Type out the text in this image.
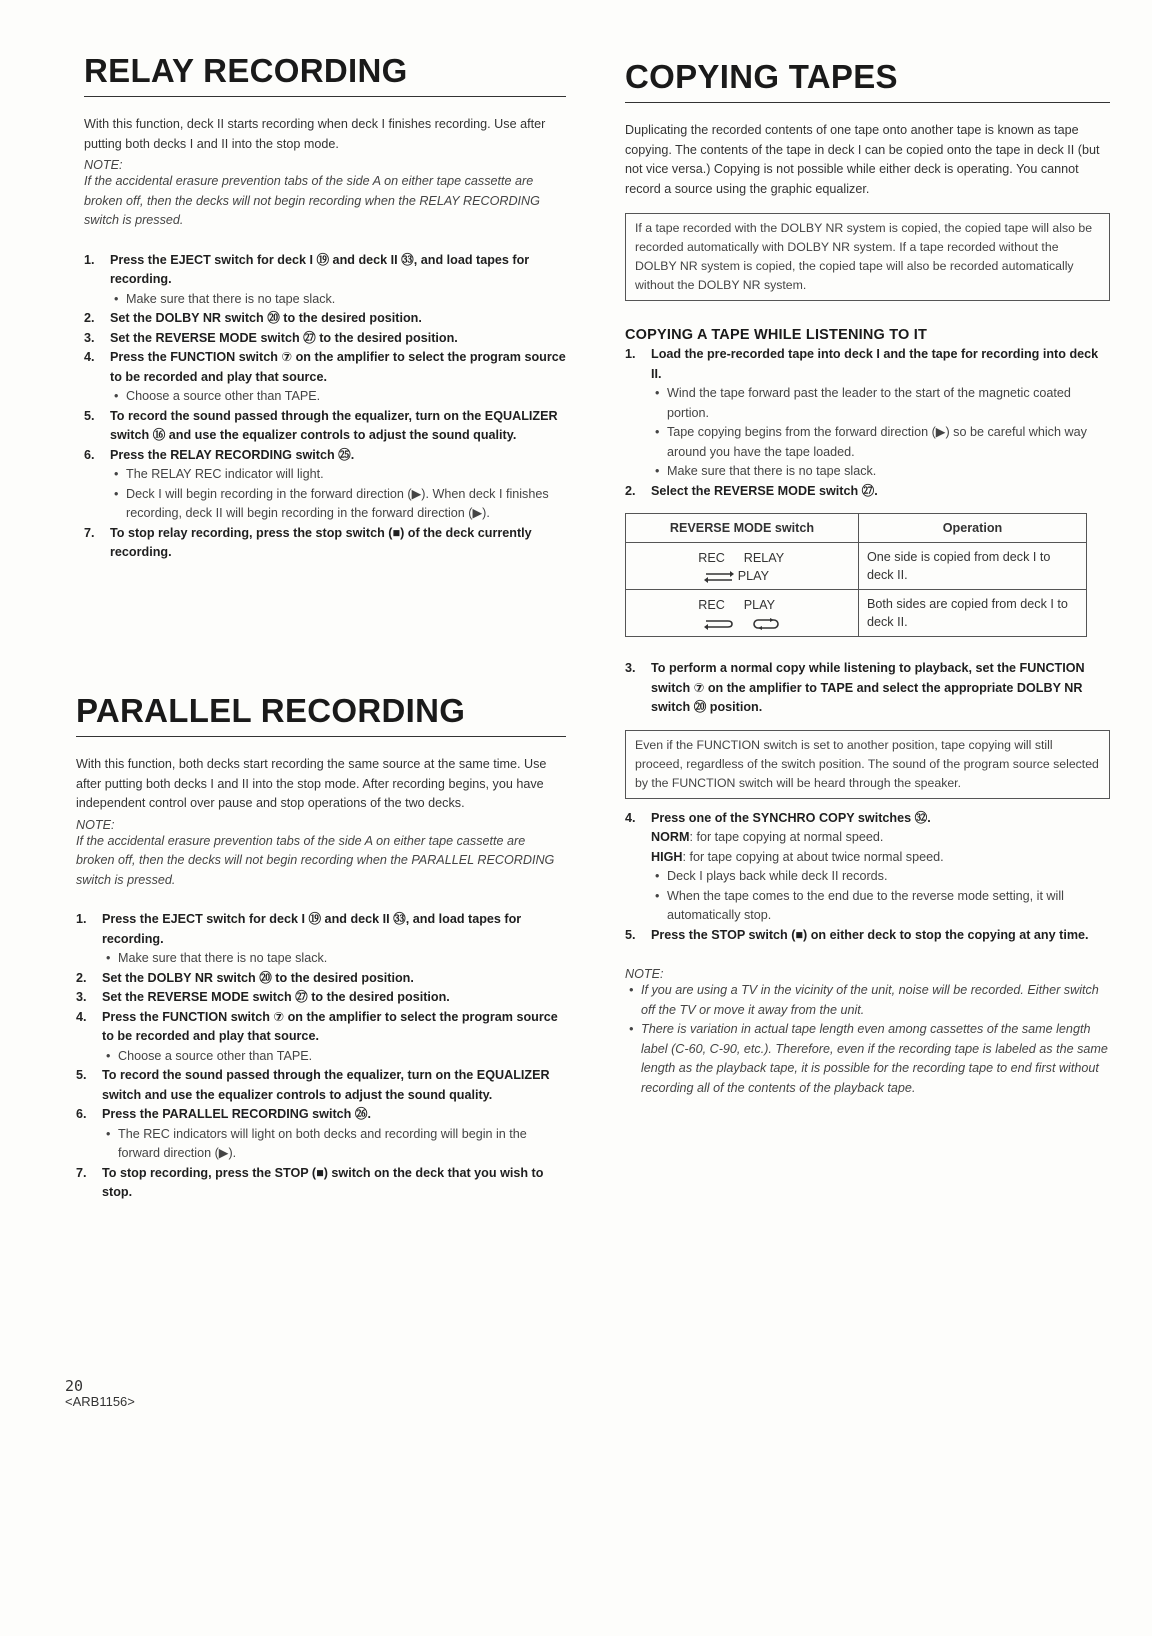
RELAY RECORDING

With this function, deck II starts recording when deck I finishes recording. Use after putting both decks I and II into the stop mode.

NOTE:

If the accidental erasure prevention tabs of the side A on either tape cassette are broken off, then the decks will not begin recording when the RELAY RECORDING switch is pressed.

1. Press the EJECT switch for deck I ⑲ and deck II ㉝, and load tapes for recording.
• Make sure that there is no tape slack.
2. Set the DOLBY NR switch ⑳ to the desired position.
3. Set the REVERSE MODE switch ㉗ to the desired position.
4. Press the FUNCTION switch ⑦ on the amplifier to select the program source to be recorded and play that source.
• Choose a source other than TAPE.
5. To record the sound passed through the equalizer, turn on the EQUALIZER switch ⑯ and use the equalizer controls to adjust the sound quality.
6. Press the RELAY RECORDING switch ㉕.
• The RELAY REC indicator will light.
• Deck I will begin recording in the forward direction (▶). When deck I finishes recording, deck II will begin recording in the forward direction (▶).
7. To stop relay recording, press the stop switch (■) of the deck currently recording.
PARALLEL RECORDING

With this function, both decks start recording the same source at the same time. Use after putting both decks I and II into the stop mode. After recording begins, you have independent control over pause and stop operations of the two decks.

NOTE:

If the accidental erasure prevention tabs of the side A on either tape cassette are broken off, then the decks will not begin recording when the PARALLEL RECORDING switch is pressed.

1. Press the EJECT switch for deck I ⑲ and deck II ㉝, and load tapes for recording.
• Make sure that there is no tape slack.
2. Set the DOLBY NR switch ⑳ to the desired position.
3. Set the REVERSE MODE switch ㉗ to the desired position.
4. Press the FUNCTION switch ⑦ on the amplifier to select the program source to be recorded and play that source.
• Choose a source other than TAPE.
5. To record the sound passed through the equalizer, turn on the EQUALIZER switch and use the equalizer controls to adjust the sound quality.
6. Press the PARALLEL RECORDING switch ㉖.
• The REC indicators will light on both decks and recording will begin in the forward direction (▶).
7. To stop recording, press the STOP (■) switch on the deck that you wish to stop.
COPYING TAPES

Duplicating the recorded contents of one tape onto another tape is known as tape copying. The contents of the tape in deck I can be copied onto the tape in deck II (but not vice versa.) Copying is not possible while either deck is operating. You cannot record a source using the graphic equalizer.

If a tape recorded with the DOLBY NR system is copied, the copied tape will also be recorded automatically with DOLBY NR system. If a tape recorded without the DOLBY NR system is copied, the copied tape will also be recorded automatically without the DOLBY NR system.
COPYING A TAPE WHILE LISTENING TO IT
1. Load the pre-recorded tape into deck I and the tape for recording into deck II.
• Wind the tape forward past the leader to the start of the magnetic coated portion.
• Tape copying begins from the forward direction (▶) so be careful which way around you have the tape loaded.
• Make sure that there is no tape slack.
2. Select the REVERSE MODE switch ㉗.
REVERSE MODE switch	Operation

REC RELAY
PLAY	One side is copied from deck I to deck II.

REC PLAY	Both sides are copied from deck I to deck II.
3. To perform a normal copy while listening to playback, set the FUNCTION switch ⑦ on the amplifier to TAPE and select the appropriate DOLBY NR switch ⑳ position.
Even if the FUNCTION switch is set to another position, tape copying will still proceed, regardless of the switch position. The sound of the program source selected by the FUNCTION switch will be heard through the speaker.
4. Press one of the SYNCHRO COPY switches ㉜.
NORM: for tape copying at normal speed.
HIGH: for tape copying at about twice normal speed.
• Deck I plays back while deck II records.
• When the tape comes to the end due to the reverse mode setting, it will automatically stop.
5. Press the STOP switch (■) on either deck to stop the copying at any time.

NOTE:

• If you are using a TV in the vicinity of the unit, noise will be recorded. Either switch off the TV or move it away from the unit.
• There is variation in actual tape length even among cassettes of the same length label (C-60, C-90, etc.). Therefore, even if the recording tape is labeled as the same length as the playback tape, it is possible for the recording tape to end first without recording all of the contents of the playback tape.
20
<ARB1156>
